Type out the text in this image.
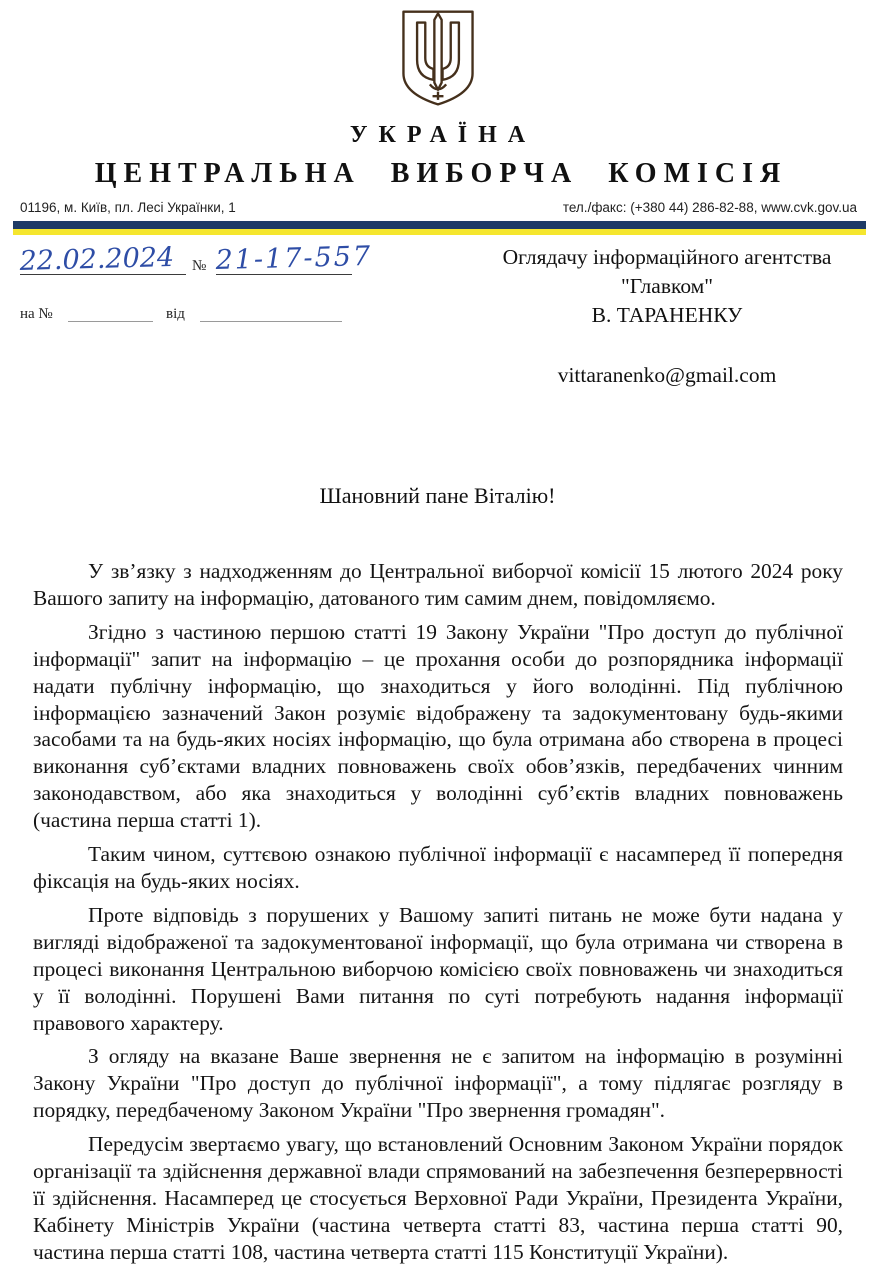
УКРАЇНА
ЦЕНТРАЛЬНА ВИБОРЧА КОМІСІЯ
01196, м. Київ, пл. Лесі Українки, 1	тел./факс: (+380 44) 286-82-88, www.cvk.gov.ua
22.02.2024 № 21-17-557
на №	від
Оглядачу інформаційного агентства
"Главком"
В. ТАРАНЕНКУ
vittaranenko@gmail.com
Шановний пане Віталію!

У зв’язку з надходженням до Центральної виборчої комісії 15 лютого 2024 року Вашого запиту на інформацію, датованого тим самим днем, повідомляємо.

Згідно з частиною першою статті 19 Закону України "Про доступ до публічної інформації" запит на інформацію – це прохання особи до розпорядника інформації надати публічну інформацію, що знаходиться у його володінні. Під публічною інформацією зазначений Закон розуміє відображену та задокументовану будь-якими засобами та на будь-яких носіях інформацію, що була отримана або створена в процесі виконання суб’єктами владних повноважень своїх обов’язків, передбачених чинним законодавством, або яка знаходиться у володінні суб’єктів владних повноважень (частина перша статті 1).

Таким чином, суттєвою ознакою публічної інформації є насамперед її попередня фіксація на будь-яких носіях.

Проте відповідь з порушених у Вашому запиті питань не може бути надана у вигляді відображеної та задокументованої інформації, що була отримана чи створена в процесі виконання Центральною виборчою комісією своїх повноважень чи знаходиться у її володінні. Порушені Вами питання по суті потребують надання інформації правового характеру.

З огляду на вказане Ваше звернення не є запитом на інформацію в розумінні Закону України "Про доступ до публічної інформації", а тому підлягає розгляду в порядку, передбаченому Законом України "Про звернення громадян".

Передусім звертаємо увагу, що встановлений Основним Законом України порядок організації та здійснення державної влади спрямований на забезпечення безперервності її здійснення. Насамперед це стосується Верховної Ради України, Президента України, Кабінету Міністрів України (частина четверта статті 83, частина перша статті 90, частина перша статті 108, частина четверта статті 115 Конституції України).
